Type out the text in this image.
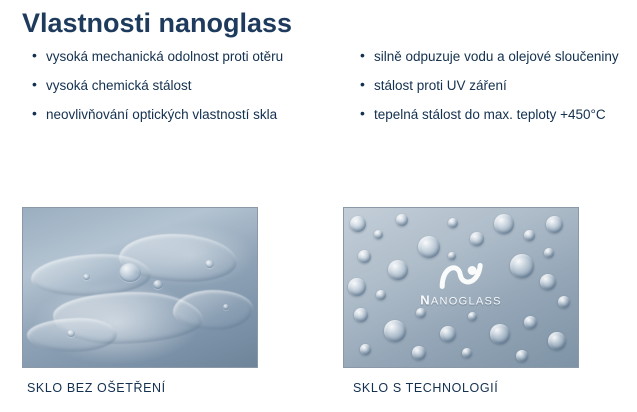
Vlastnosti nanoglass
• vysoká mechanická odolnost proti otěru
• vysoká chemická stálost
• neovlivňování optických vlastností skla
• silně odpuzuje vodu a olejové sloučeniny
• stálost proti UV záření
• tepelná stálost do max. teploty +450°C
NANOGLASS
SKLO BEZ OŠETŘENÍ	SKLO S TECHNOLOGIÍ
